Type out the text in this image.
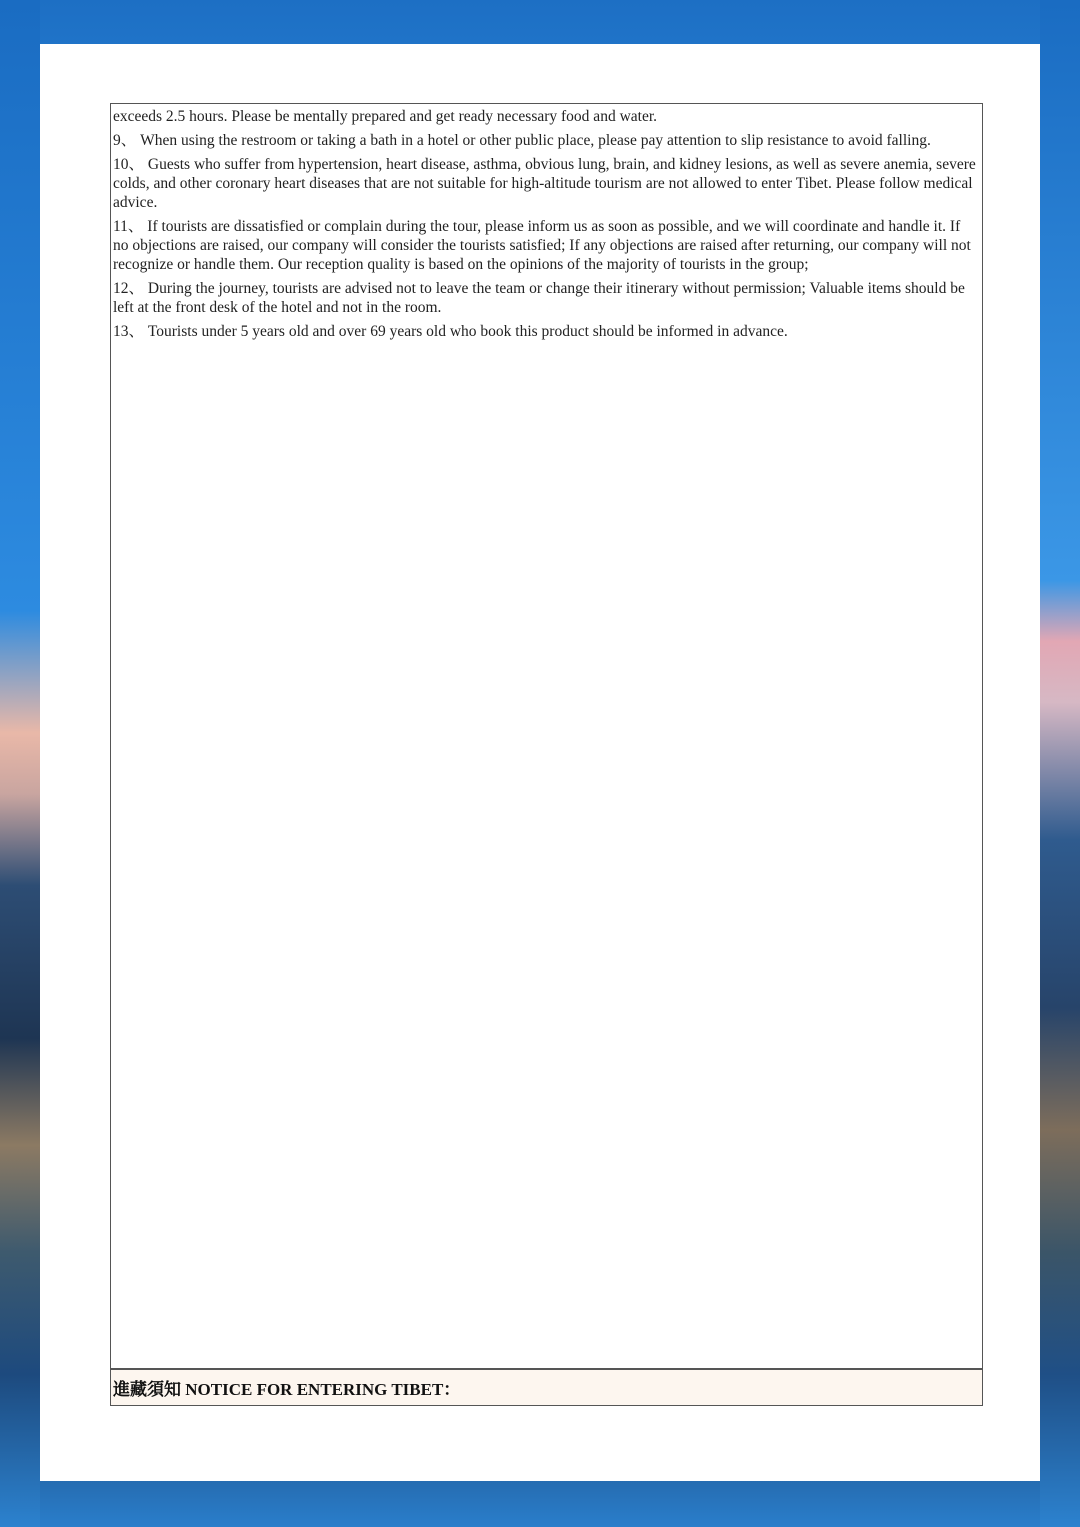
exceeds 2.5 hours. Please be mentally prepared and get ready necessary food and water.

9、 When using the restroom or taking a bath in a hotel or other public place, please pay attention to slip resistance to avoid falling.

10、 Guests who suffer from hypertension, heart disease, asthma, obvious lung, brain, and kidney lesions, as well as severe anemia, severe colds, and other coronary heart diseases that are not suitable for high-altitude tourism are not allowed to enter Tibet. Please follow medical advice.

11、 If tourists are dissatisfied or complain during the tour, please inform us as soon as possible, and we will coordinate and handle it. If no objections are raised, our company will consider the tourists satisfied; If any objections are raised after returning, our company will not recognize or handle them. Our reception quality is based on the opinions of the majority of tourists in the group;

12、 During the journey, tourists are advised not to leave the team or change their itinerary without permission; Valuable items should be left at the front desk of the hotel and not in the room.

13、 Tourists under 5 years old and over 69 years old who book this product should be informed in advance.

進藏須知 NOTICE FOR ENTERING TIBET：
